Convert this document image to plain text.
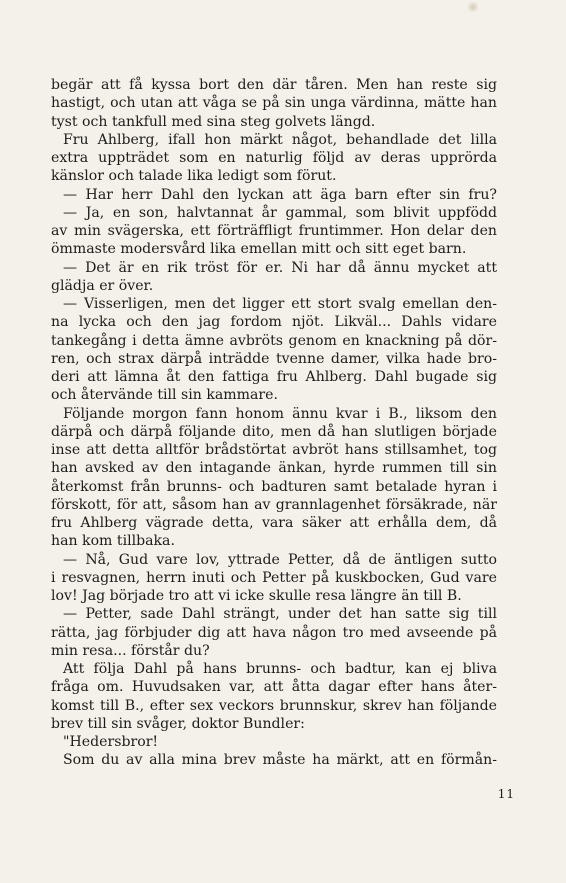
begär att få kyssa bort den där tåren. Men han reste sig
hastigt, och utan att våga se på sin unga värdinna, mätte han
tyst och tankfull med sina steg golvets längd.
Fru Ahlberg, ifall hon märkt något, behandlade det lilla
extra uppträdet som en naturlig följd av deras upprörda
känslor och talade lika ledigt som förut.
— Har herr Dahl den lyckan att äga barn efter sin fru?
— Ja, en son, halvtannat år gammal, som blivit uppfödd
av min svägerska, ett förträffligt fruntimmer. Hon delar den
ömmaste modersvård lika emellan mitt och sitt eget barn.
— Det är en rik tröst för er. Ni har då ännu mycket att
glädja er över.
— Visserligen, men det ligger ett stort svalg emellan den-
na lycka och den jag fordom njöt. Likväl... Dahls vidare
tankegång i detta ämne avbröts genom en knackning på dör-
ren, och strax därpå inträdde tvenne damer, vilka hade bro-
deri att lämna åt den fattiga fru Ahlberg. Dahl bugade sig
och återvände till sin kammare.
Följande morgon fann honom ännu kvar i B., liksom den
därpå och därpå följande dito, men då han slutligen började
inse att detta alltför brådstörtat avbröt hans stillsamhet, tog
han avsked av den intagande änkan, hyrde rummen till sin
återkomst från brunns- och badturen samt betalade hyran i
förskott, för att, såsom han av grannlagenhet försäkrade, när
fru Ahlberg vägrade detta, vara säker att erhålla dem, då
han kom tillbaka.
— Nå, Gud vare lov, yttrade Petter, då de äntligen sutto
i resvagnen, herrn inuti och Petter på kuskbocken, Gud vare
lov! Jag började tro att vi icke skulle resa längre än till B.
— Petter, sade Dahl strängt, under det han satte sig till
rätta, jag förbjuder dig att hava någon tro med avseende på
min resa... förstår du?
Att följa Dahl på hans brunns- och badtur, kan ej bliva
fråga om. Huvudsaken var, att åtta dagar efter hans åter-
komst till B., efter sex veckors brunnskur, skrev han följande
brev till sin svåger, doktor Bundler:
"Hedersbror!
Som du av alla mina brev måste ha märkt, att en förmån-
11
